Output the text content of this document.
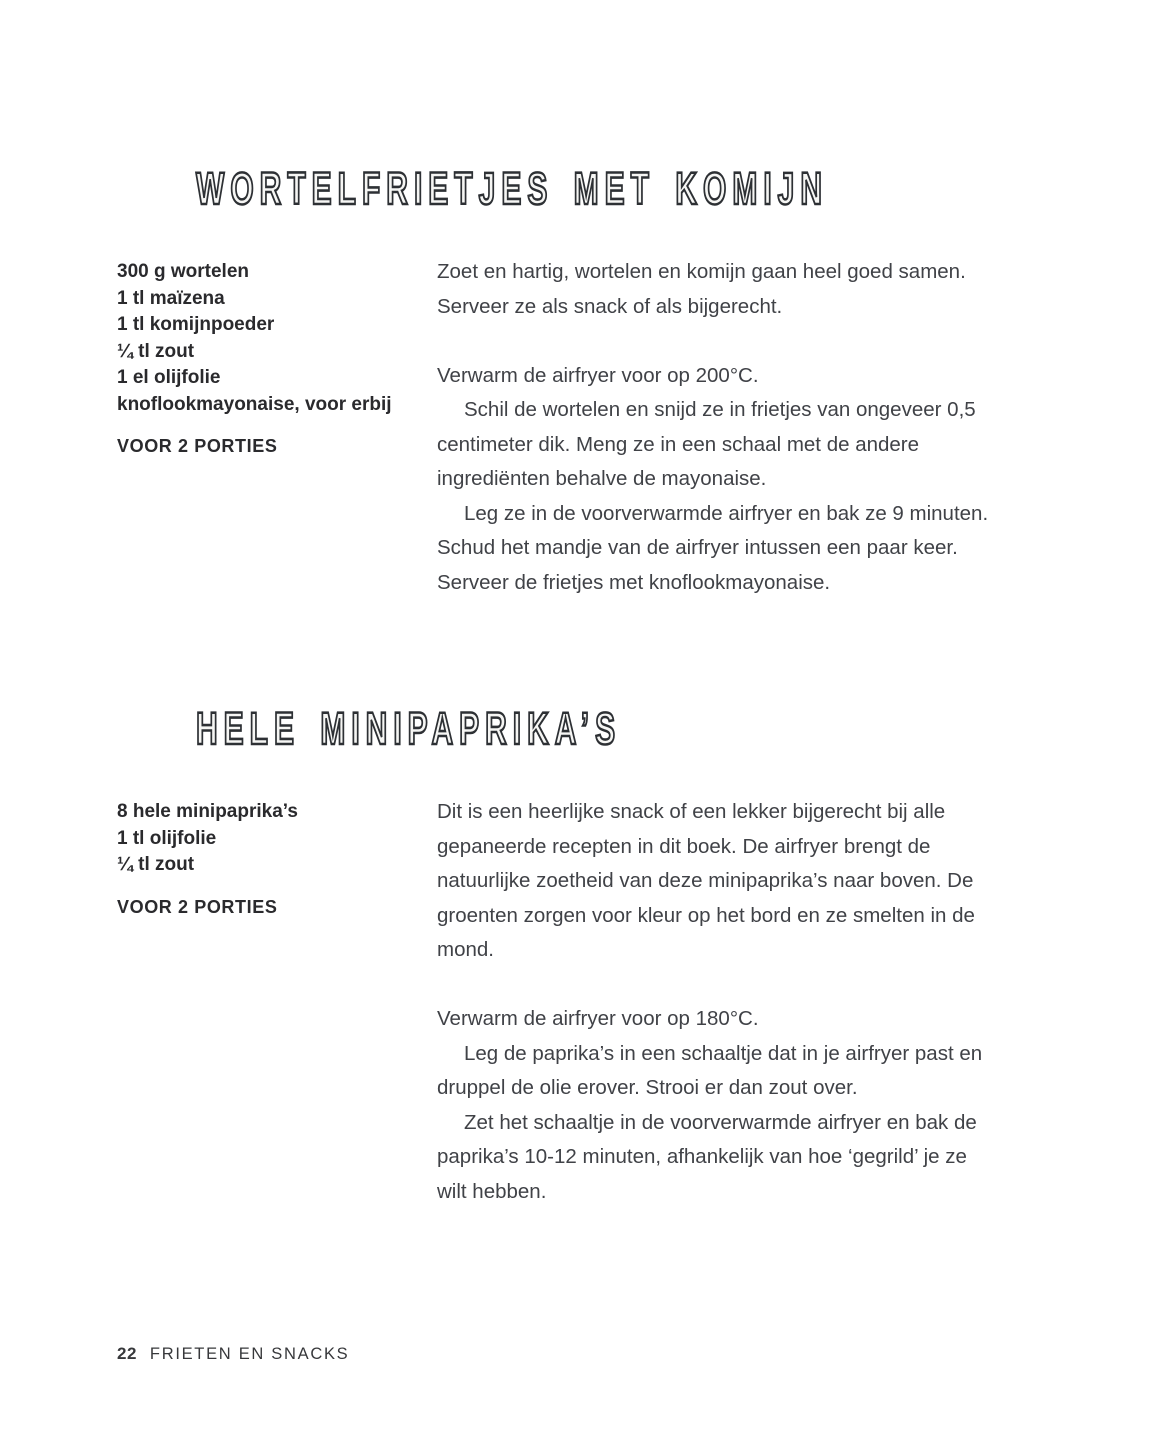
WORTELFRIETJES MET KOMIJN
300 g wortelen
1 tl maïzena
1 tl komijnpoeder
¼ tl zout
1 el olijfolie
knoflookmayonaise, voor erbij
VOOR 2 PORTIES

Zoet en hartig, wortelen en komijn gaan heel goed samen. Serveer ze als snack of als bijgerecht.

Verwarm de airfryer voor op 200°C.

Schil de wortelen en snijd ze in frietjes van ongeveer 0,5 centimeter dik. Meng ze in een schaal met de andere ingrediënten behalve de mayonaise.

Leg ze in de voorverwarmde airfryer en bak ze 9 minuten. Schud het mandje van de airfryer intussen een paar keer. Serveer de frietjes met knoflookmayonaise.

HELE MINIPAPRIKA’S
8 hele minipaprika’s
1 tl olijfolie
¼ tl zout
VOOR 2 PORTIES

Dit is een heerlijke snack of een lekker bijgerecht bij alle gepaneerde recepten in dit boek. De airfryer brengt de natuurlijke zoetheid van deze minipaprika’s naar boven. De groenten zorgen voor kleur op het bord en ze smelten in de mond.

Verwarm de airfryer voor op 180°C.

Leg de paprika’s in een schaaltje dat in je airfryer past en druppel de olie erover. Strooi er dan zout over.

Zet het schaaltje in de voorverwarmde airfryer en bak de paprika’s 10-12 minuten, afhankelijk van hoe ‘gegrild’ je ze wilt hebben.

22 FRIETEN EN SNACKS
